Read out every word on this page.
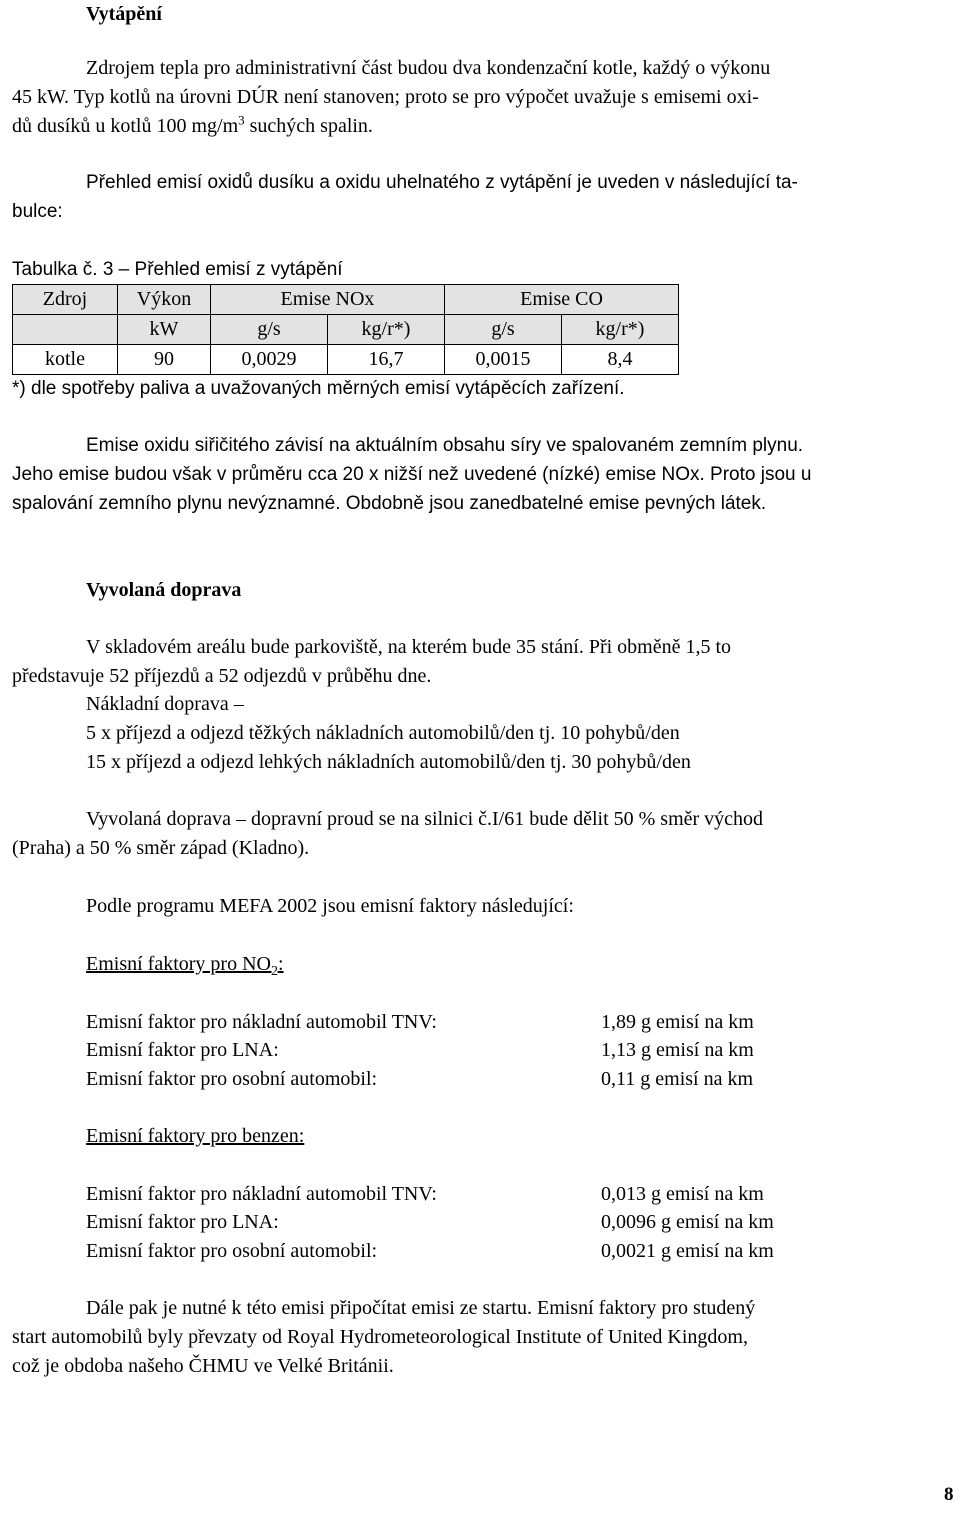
Vytápění
Zdrojem tepla pro administrativní část budou dva kondenzační kotle, každý o výkonu
45 kW. Typ kotlů na úrovni DÚR není stanoven; proto se pro výpočet uvažuje s emisemi oxi-
dů dusíků u kotlů 100 $mg/m^3$ suchých spalin.
Přehled emisí oxidů dusíku a oxidu uhelnatého z vytápění je uveden v následující ta-
bulce:
Tabulka č. 3 – Přehled emisí z vytápění
Zdroj	Výkon	Emise NOx		Emise CO	
	kW	g/s	kg/r*)	g/s	kg/r*)
kotle	90	0,0029	16,7	0,0015	8,4
*) dle spotřeby paliva a uvažovaných měrných emisí vytápěcích zařízení.
Emise oxidu siřičitého závisí na aktuálním obsahu síry ve spalovaném zemním plynu.
Jeho emise budou však v průměru cca 20 x nižší než uvedené (nízké) emise NOx. Proto jsou u
spalování zemního plynu nevýznamné. Obdobně jsou zanedbatelné emise pevných látek.
Vyvolaná doprava
V skladovém areálu bude parkoviště, na kterém bude 35 stání. Při obměně 1,5 to
představuje 52 příjezdů a 52 odjezdů v průběhu dne.
Nákladní doprava –
5 x příjezd a odjezd těžkých nákladních automobilů/den tj. 10 pohybů/den
15 x příjezd a odjezd lehkých nákladních automobilů/den tj. 30 pohybů/den
Vyvolaná doprava – dopravní proud se na silnici č.I/61 bude dělit 50 % směr východ
(Praha) a 50 % směr západ (Kladno).
Podle programu MEFA 2002 jsou emisní faktory následující:
Emisní faktory pro $NO_2$:
Emisní faktor pro nákladní automobil TNV:	1,89 g emisí na km
Emisní faktor pro LNA:	1,13 g emisí na km
Emisní faktor pro osobní automobil:	0,11 g emisí na km
Emisní faktory pro benzen:
Emisní faktor pro nákladní automobil TNV:	0,013 g emisí na km
Emisní faktor pro LNA:	0,0096 g emisí na km
Emisní faktor pro osobní automobil:	0,0021 g emisí na km
Dále pak je nutné k této emisi připočítat emisi ze startu. Emisní faktory pro studený
start automobilů byly převzaty od Royal Hydrometeorological Institute of United Kingdom,
což je obdoba našeho ČHMU ve Velké Británii.
8
